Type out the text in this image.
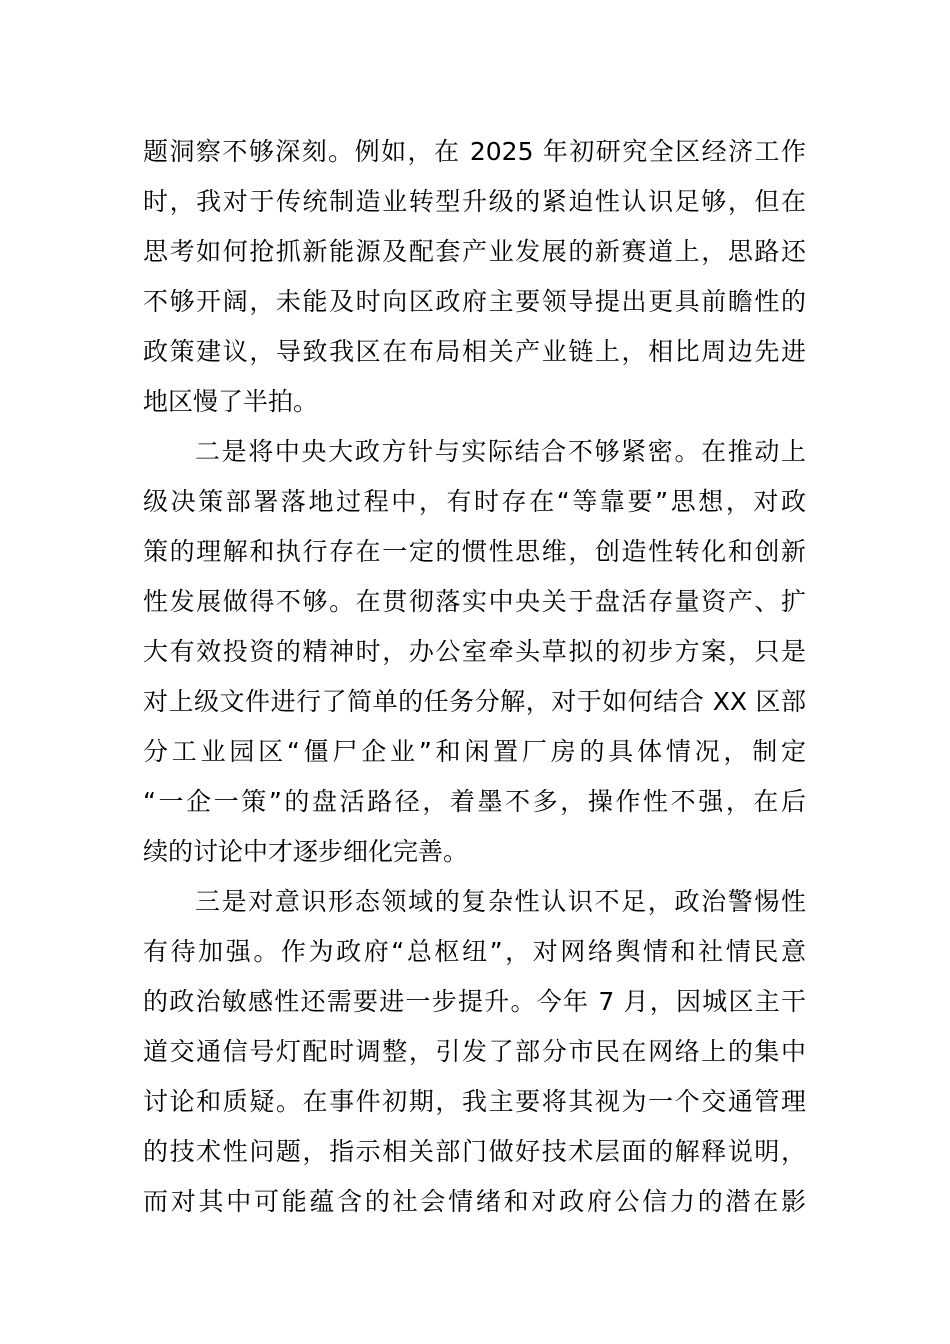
题洞察不够深刻。例如，在 2025 年初研究全区经济工作
时，我对于传统制造业转型升级的紧迫性认识足够，但在
思考如何抢抓新能源及配套产业发展的新赛道上，思路还
不够开阔，未能及时向区政府主要领导提出更具前瞻性的
政策建议，导致我区在布局相关产业链上，相比周边先进
地区慢了半拍。
二是将中央大政方针与实际结合不够紧密。在推动上
级决策部署落地过程中，有时存在“等靠要”思想，对政
策的理解和执行存在一定的惯性思维，创造性转化和创新
性发展做得不够。在贯彻落实中央关于盘活存量资产、扩
大有效投资的精神时，办公室牵头草拟的初步方案，只是
对上级文件进行了简单的任务分解，对于如何结合 XX 区部
分工业园区“僵尸企业”和闲置厂房的具体情况，制定
“一企一策”的盘活路径，着墨不多，操作性不强，在后
续的讨论中才逐步细化完善。
三是对意识形态领域的复杂性认识不足，政治警惕性
有待加强。作为政府“总枢纽”，对网络舆情和社情民意
的政治敏感性还需要进一步提升。今年 7 月，因城区主干
道交通信号灯配时调整，引发了部分市民在网络上的集中
讨论和质疑。在事件初期，我主要将其视为一个交通管理
的技术性问题，指示相关部门做好技术层面的解释说明，
而对其中可能蕴含的社会情绪和对政府公信力的潜在影
